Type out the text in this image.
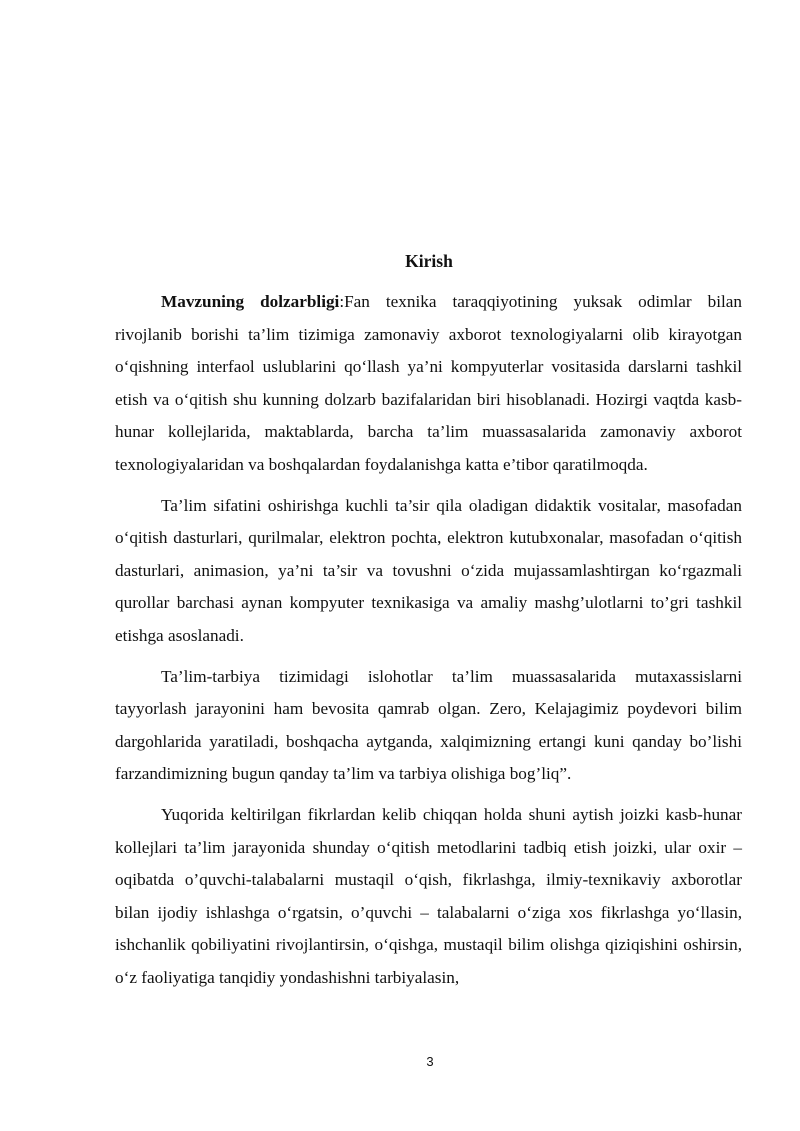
Kirish

Mavzuning dolzarbligi:Fan texnika taraqqiyotining yuksak odimlar bilan rivojlanib borishi ta’lim tizimiga zamonaviy axborot texnologiyalarni olib kirayotgan o‘qishning interfaol uslublarini qo‘llash ya’ni kompyuterlar vositasida darslarni tashkil etish va o‘qitish shu kunning dolzarb bazifalaridan biri hisoblanadi. Hozirgi vaqtda kasb-hunar kollejlarida, maktablarda, barcha ta’lim muassasalarida zamonaviy axborot texnologiyalaridan va boshqalardan foydalanishga katta e’tibor qaratilmoqda.

Ta’lim sifatini oshirishga kuchli ta’sir qila oladigan didaktik vositalar, masofadan o‘qitish dasturlari, qurilmalar, elektron pochta, elektron kutubxonalar, masofadan o‘qitish dasturlari, animasion, ya’ni ta’sir va tovushni o‘zida mujassamlashtirgan ko‘rgazmali qurollar barchasi aynan kompyuter texnikasiga va amaliy mashg’ulotlarni to’gri tashkil etishga asoslanadi.

Ta’lim-tarbiya tizimidagi islohotlar ta’lim muassasalarida mutaxassislarni tayyorlash jarayonini ham bevosita qamrab olgan. Zero, Kelajagimiz poydevori bilim dargohlarida yaratiladi, boshqacha aytganda, xalqimizning ertangi kuni qanday bo’lishi farzandimizning bugun qanday ta’lim va tarbiya olishiga bog’liq”.

Yuqorida keltirilgan fikrlardan kelib chiqqan holda shuni aytish joizki kasb-hunar kollejlari ta’lim jarayonida shunday o‘qitish metodlarini tadbiq etish joizki, ular oxir – oqibatda o’quvchi-talabalarni mustaqil o‘qish, fikrlashga, ilmiy-texnikaviy axborotlar bilan ijodiy ishlashga o‘rgatsin, o’quvchi – talabalarni o‘ziga xos fikrlashga yo‘llasin, ishchanlik qobiliyatini rivojlantirsin, o‘qishga, mustaqil bilim olishga qiziqishini oshirsin, o‘z faoliyatiga tanqidiy yondashishni tarbiyalasin,

3
